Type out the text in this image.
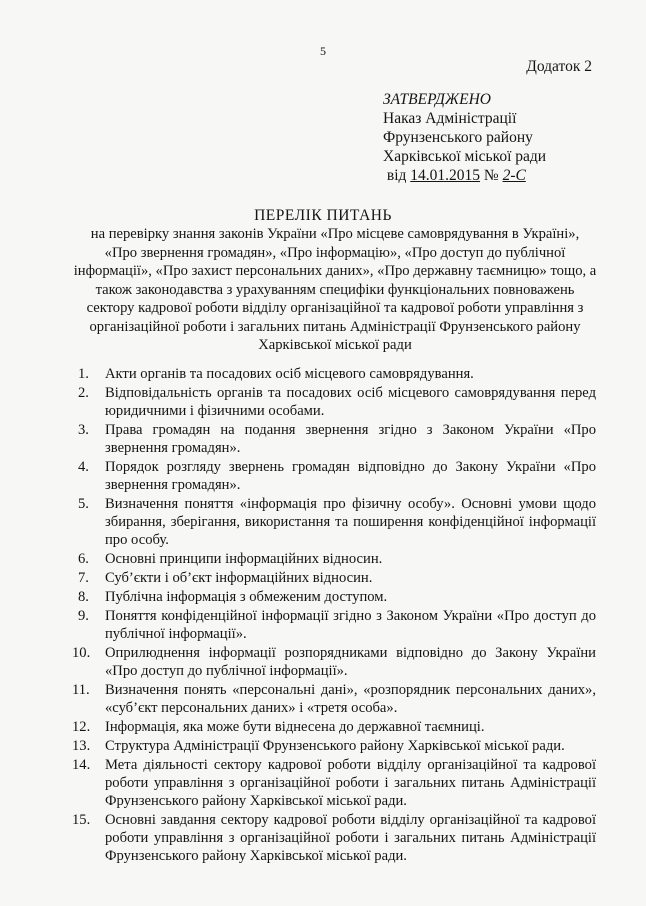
5
Додаток 2
ЗАТВЕРДЖЕНО
Наказ Адміністрації
Фрунзенського району
Харківської міської ради
від 14.01.2015 № 2-С
ПЕРЕЛІК ПИТАНЬ
на перевірку знання законів України «Про місцеве самоврядування в Україні»,
«Про звернення громадян», «Про інформацію», «Про доступ до публічної
інформації», «Про захист персональних даних», «Про державну таємницю» тощо, а
також законодавства з урахуванням специфіки функціональних повноважень
сектору кадрової роботи відділу організаційної та кадрової роботи управління з
організаційної роботи і загальних питань Адміністрації Фрунзенського району
Харківської міської ради
1. Акти органів та посадових осіб місцевого самоврядування.
2. Відповідальність органів та посадових осіб місцевого самоврядування перед юридичними і фізичними особами.
3. Права громадян на подання звернення згідно з Законом України «Про звернення громадян».
4. Порядок розгляду звернень громадян відповідно до Закону України «Про звернення громадян».
5. Визначення поняття «інформація про фізичну особу». Основні умови щодо збирання, зберігання, використання та поширення конфіденційної інформації про особу.
6. Основні принципи інформаційних відносин.
7. Суб’єкти і об’єкт інформаційних відносин.
8. Публічна інформація з обмеженим доступом.
9. Поняття конфіденційної інформації згідно з Законом України «Про доступ до публічної інформації».
10. Оприлюднення інформації розпорядниками відповідно до Закону України «Про доступ до публічної інформації».
11. Визначення понять «персональні дані», «розпорядник персональних даних», «суб’єкт персональних даних» і «третя особа».
12. Інформація, яка може бути віднесена до державної таємниці.
13. Структура Адміністрації Фрунзенського району Харківської міської ради.
14. Мета діяльності сектору кадрової роботи відділу організаційної та кадрової роботи управління з організаційної роботи і загальних питань Адміністрації Фрунзенського району Харківської міської ради.
15. Основні завдання сектору кадрової роботи відділу організаційної та кадрової роботи управління з організаційної роботи і загальних питань Адміністрації Фрунзенського району Харківської міської ради.
